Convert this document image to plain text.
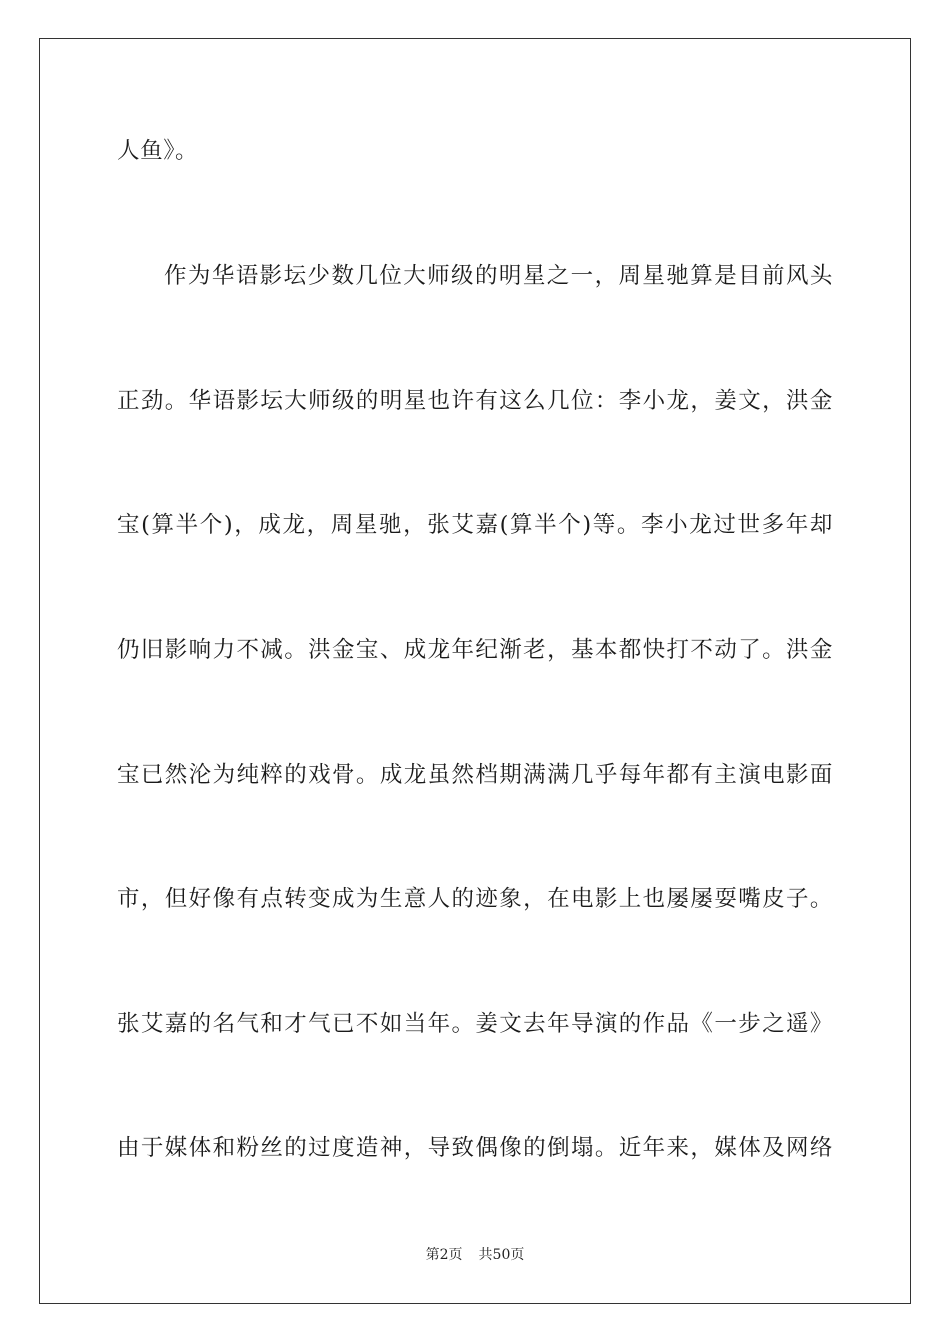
人鱼》。
作为华语影坛少数几位大师级的明星之一，周星驰算是目前风头
正劲。华语影坛大师级的明星也许有这么几位：李小龙，姜文，洪金
宝(算半个)，成龙，周星驰，张艾嘉(算半个)等。李小龙过世多年却
仍旧影响力不减。洪金宝、成龙年纪渐老，基本都快打不动了。洪金
宝已然沦为纯粹的戏骨。成龙虽然档期满满几乎每年都有主演电影面
市，但好像有点转变成为生意人的迹象，在电影上也屡屡耍嘴皮子。
张艾嘉的名气和才气已不如当年。姜文去年导演的作品《一步之遥》
由于媒体和粉丝的过度造神，导致偶像的倒塌。近年来，媒体及网络
第2页 共50页
